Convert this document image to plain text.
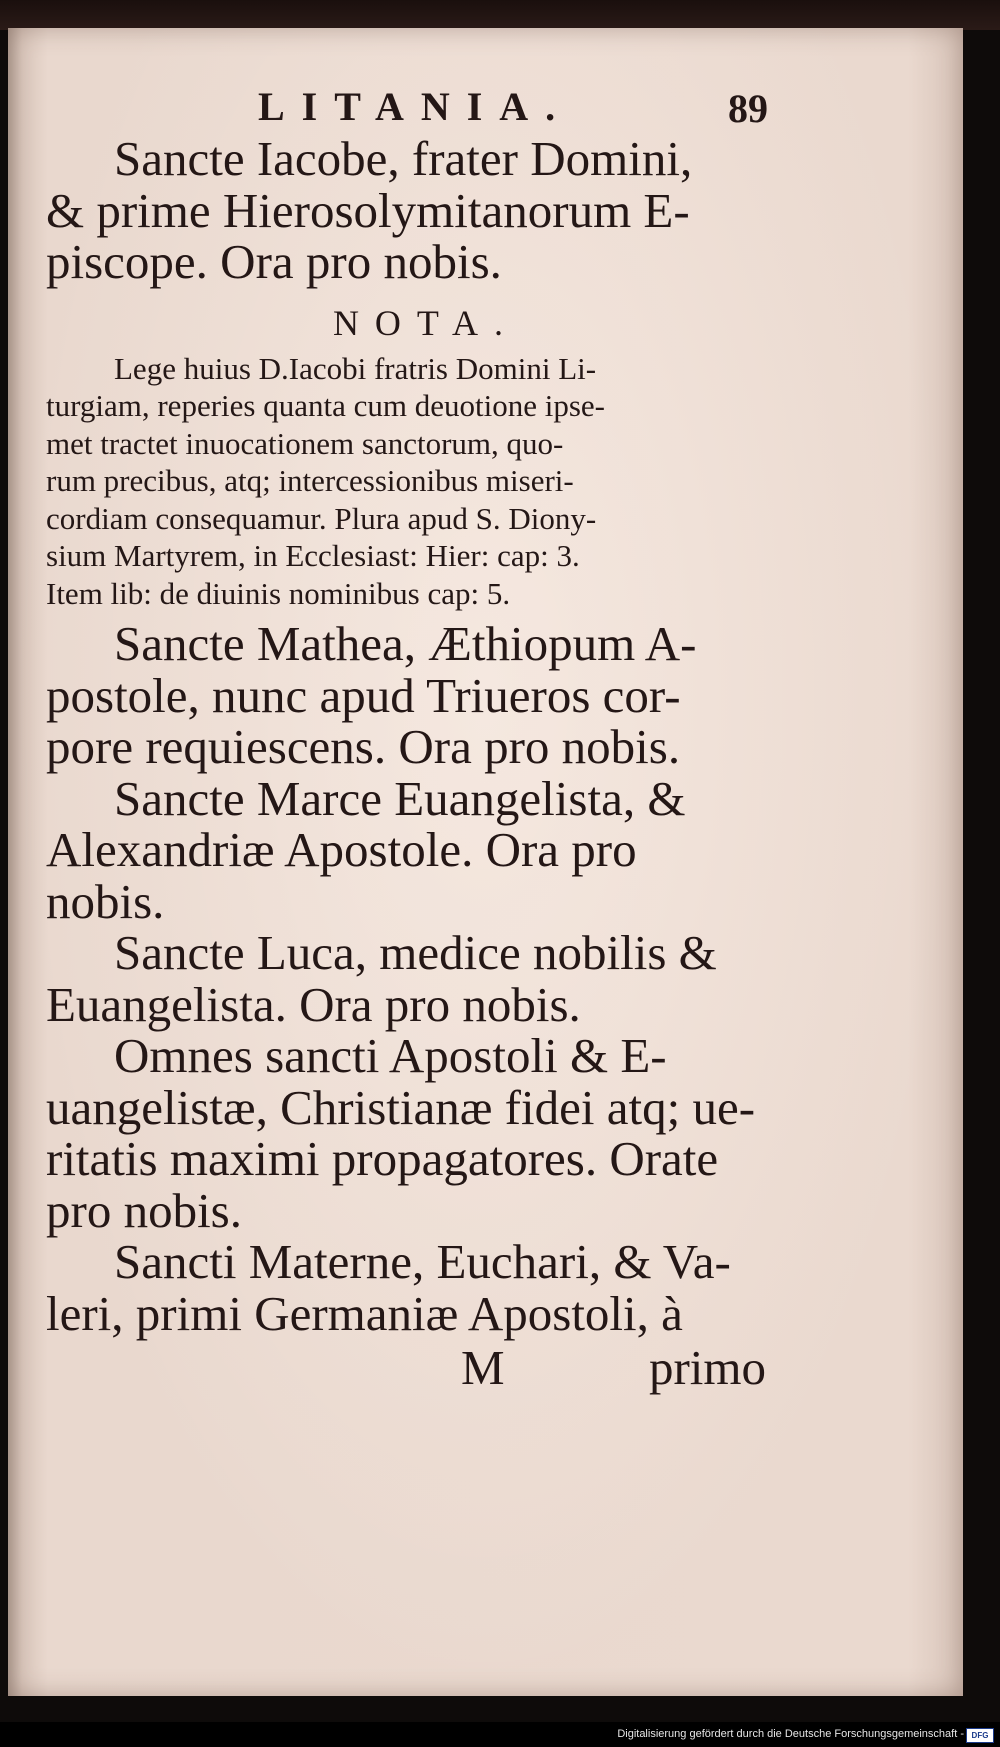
LITANIA.	89
Sancte Iacobe, frater Domini,
& prime Hierosolymitanorum E-
piscope. Ora pro nobis.
NOTA.
Lege huius D.Iacobi fratris Domini Li-
turgiam, reperies quanta cum deuotione ipse-
met tractet inuocationem sanctorum, quo-
rum precibus, atq; intercessionibus miseri-
cordiam consequamur. Plura apud S. Diony-
sium Martyrem, in Ecclesiast: Hier: cap: 3.
Item lib: de diuinis nominibus cap: 5.
Sancte Mathea, Æthiopum A-
postole, nunc apud Triueros cor-
pore requiescens. Ora pro nobis.
Sancte Marce Euangelista, &
Alexandriæ Apostole. Ora pro
nobis.
Sancte Luca, medice nobilis &
Euangelista. Ora pro nobis.
Omnes sancti Apostoli & E-
uangelistæ, Christianæ fidei atq; ue-
ritatis maximi propagatores. Orate
pro nobis.
Sancti Materne, Euchari, & Va-
leri, primi Germaniæ Apostoli, à
M	primo
Digitalisierung gefördert durch die Deutsche Forschungsgemeinschaft - DFG
